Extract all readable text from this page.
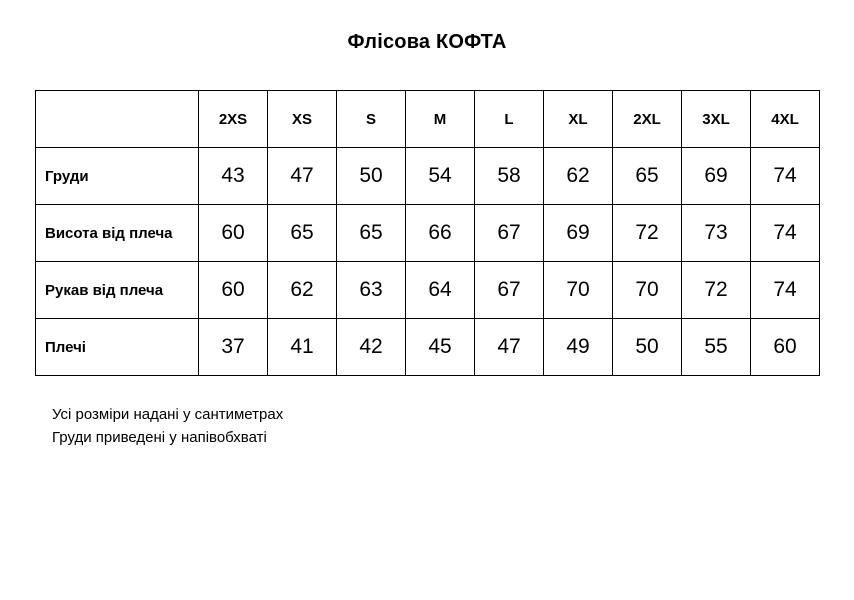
Флісова КОФТА
	2XS	XS	S	M	L	XL	2XL	3XL	4XL
Груди	43	47	50	54	58	62	65	69	74
Висота від плеча	60	65	65	66	67	69	72	73	74
Рукав від плеча	60	62	63	64	67	70	70	72	74
Плечі	37	41	42	45	47	49	50	55	60
Усі розміри надані у сантиметрах
Груди приведені у напівобхваті
